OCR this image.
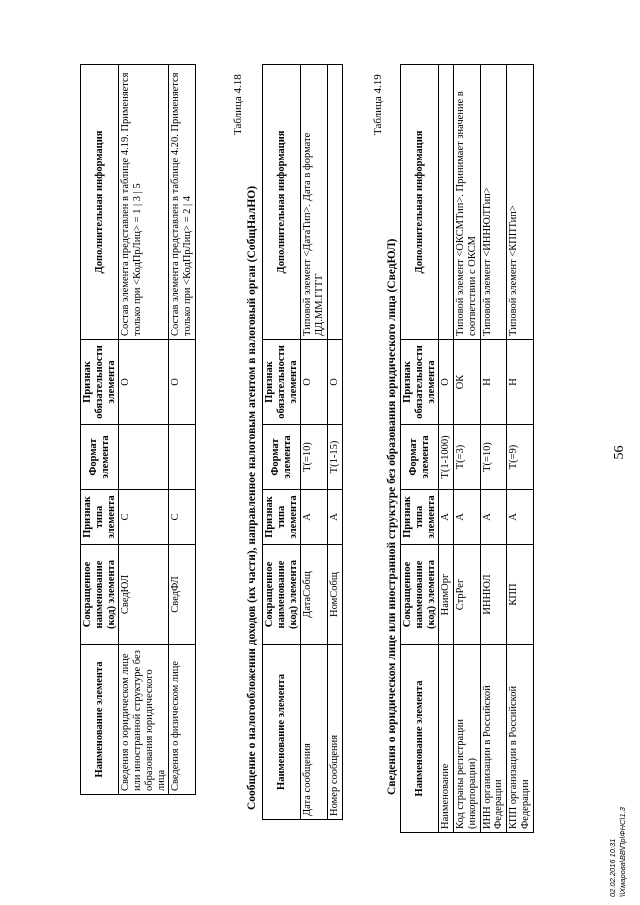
Наименование элемента	Сокращенное наименование (код) элемента	Признак типа элемента	Формат элемента	Признак обязательности элемента	Дополнительная информация
Сведения о юридическом лице или иностранной структуре без образования юридического лица	СведЮЛ	С		О	Состав элемента представлен в таблице 4.19. Применяется только при <КодПрЛиц> = 1 | 3 | 5
Сведения о физическом лице	СведФЛ	С		О	Состав элемента представлен в таблице 4.20. Применяется только при <КодПрЛиц> = 2 | 4
Таблица 4.18
Сообщение о налогообложении доходов (их части), направленное налоговым агентом в налоговый орган (СобщНалНО) Наименование элемента	Сокращенное наименование (код) элемента	Признак типа элемента	Формат элемента	Признак обязательности элемента	Дополнительная информация
Дата сообщения	ДатаСобщ	А	T(=10)	О	Типовой элемент <ДатаТип>. Дата в формате ДД.ММ.ГГГГ
Номер сообщения	НомСобщ	А	T(1-15)	О	
Таблица 4.19
Сведения о юридическом лице или иностранной структуре без образования юридического лица (СведЮЛ) Наименование элемента	Сокращенное наименование (код) элемента	Признак типа элемента	Формат элемента	Признак обязательности элемента	Дополнительная информация
Наименование	НаимОрг	А	T(1-1000)	О	
Код страны регистрации (инкорпорации)	СтрРег	А	T(=3)	ОК	Типовой элемент <ОКСМТип>. Принимает значение в соответствии с ОКСМ
ИНН организации в Российской Федерации	ИННЮЛ	А	T(=10)	Н	Типовой элемент <ИННЮЛТип>
КПП организации в Российской Федерации	КПП	А	T(=9)	Н	Типовой элемент <КППТип>
02.02.2016 10:31 \\Хмарова\ВВ\Пр\ФНС\1.3
56
